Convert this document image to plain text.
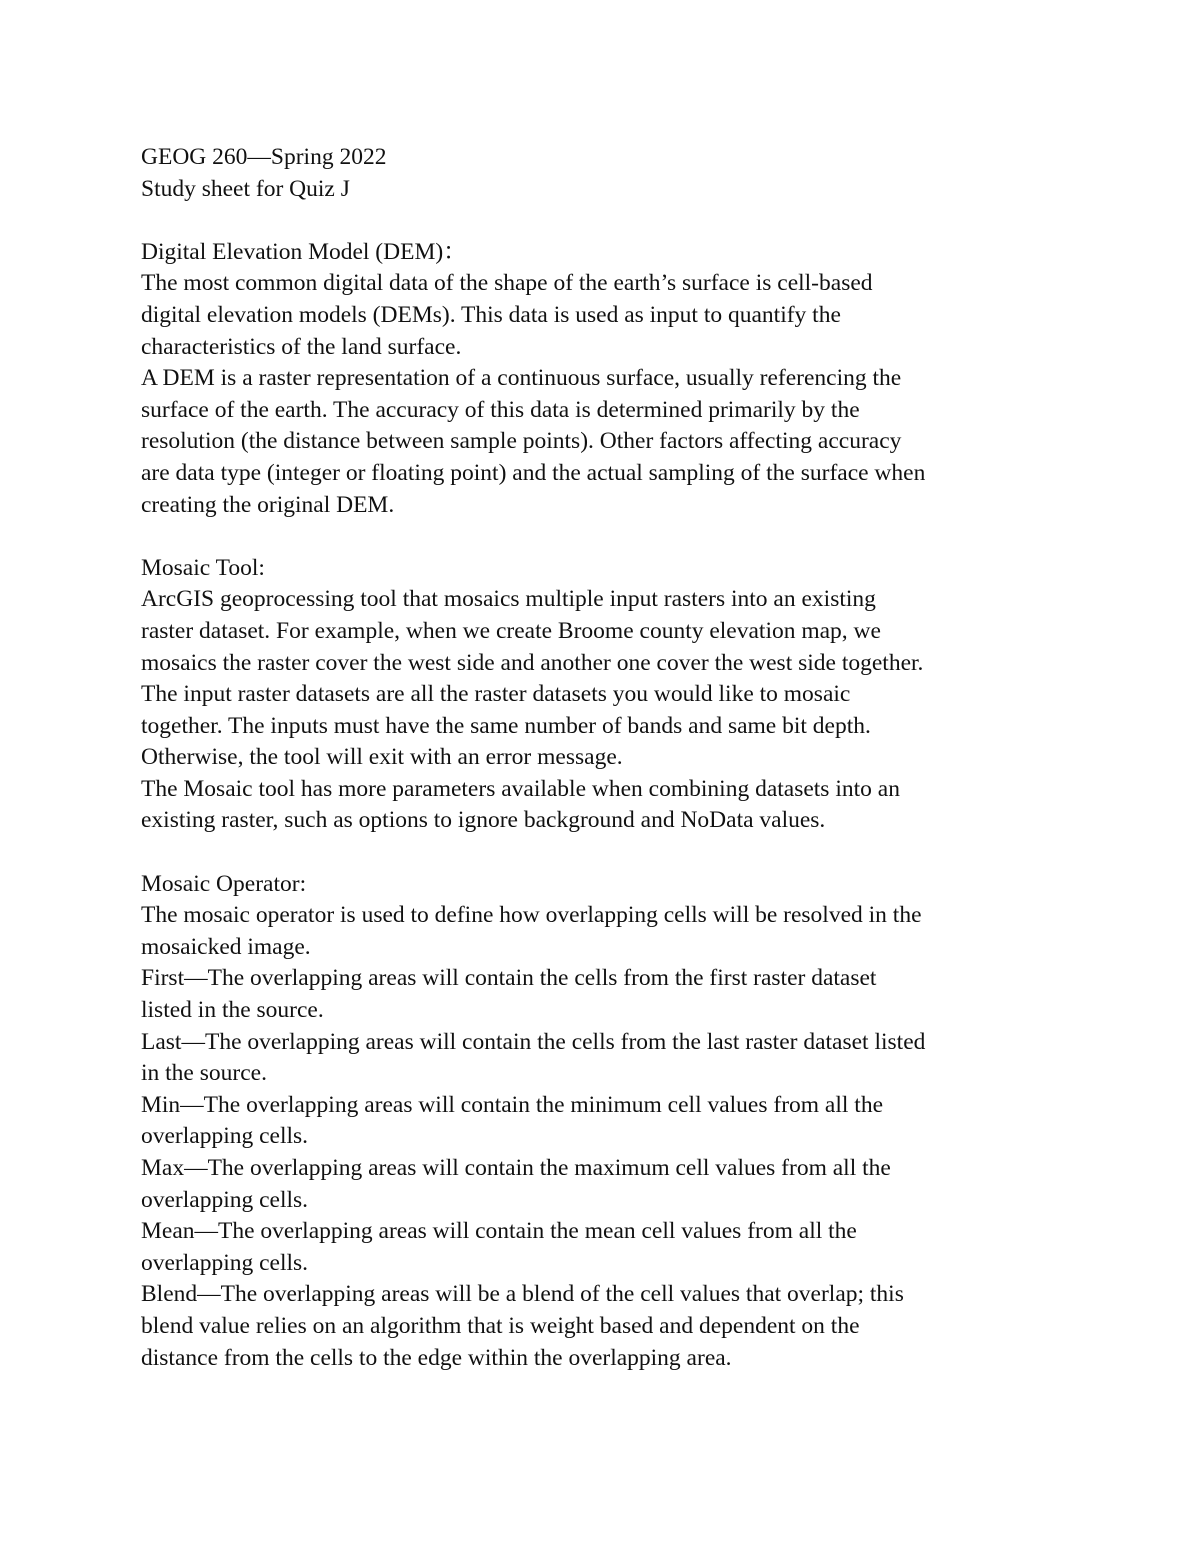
GEOG 260—Spring 2022
Study sheet for Quiz J
Digital Elevation Model (DEM)：
The most common digital data of the shape of the earth’s surface is cell-based
digital elevation models (DEMs). This data is used as input to quantify the
characteristics of the land surface.
A DEM is a raster representation of a continuous surface, usually referencing the
surface of the earth. The accuracy of this data is determined primarily by the
resolution (the distance between sample points). Other factors affecting accuracy
are data type (integer or floating point) and the actual sampling of the surface when
creating the original DEM.
Mosaic Tool:
ArcGIS geoprocessing tool that mosaics multiple input rasters into an existing
raster dataset. For example, when we create Broome county elevation map, we
mosaics the raster cover the west side and another one cover the west side together.
The input raster datasets are all the raster datasets you would like to mosaic
together. The inputs must have the same number of bands and same bit depth.
Otherwise, the tool will exit with an error message.
The Mosaic tool has more parameters available when combining datasets into an
existing raster, such as options to ignore background and NoData values.
Mosaic Operator:
The mosaic operator is used to define how overlapping cells will be resolved in the
mosaicked image.
First—The overlapping areas will contain the cells from the first raster dataset
listed in the source.
Last—The overlapping areas will contain the cells from the last raster dataset listed
in the source.
Min—The overlapping areas will contain the minimum cell values from all the
overlapping cells.
Max—The overlapping areas will contain the maximum cell values from all the
overlapping cells.
Mean—The overlapping areas will contain the mean cell values from all the
overlapping cells.
Blend—The overlapping areas will be a blend of the cell values that overlap; this
blend value relies on an algorithm that is weight based and dependent on the
distance from the cells to the edge within the overlapping area.
